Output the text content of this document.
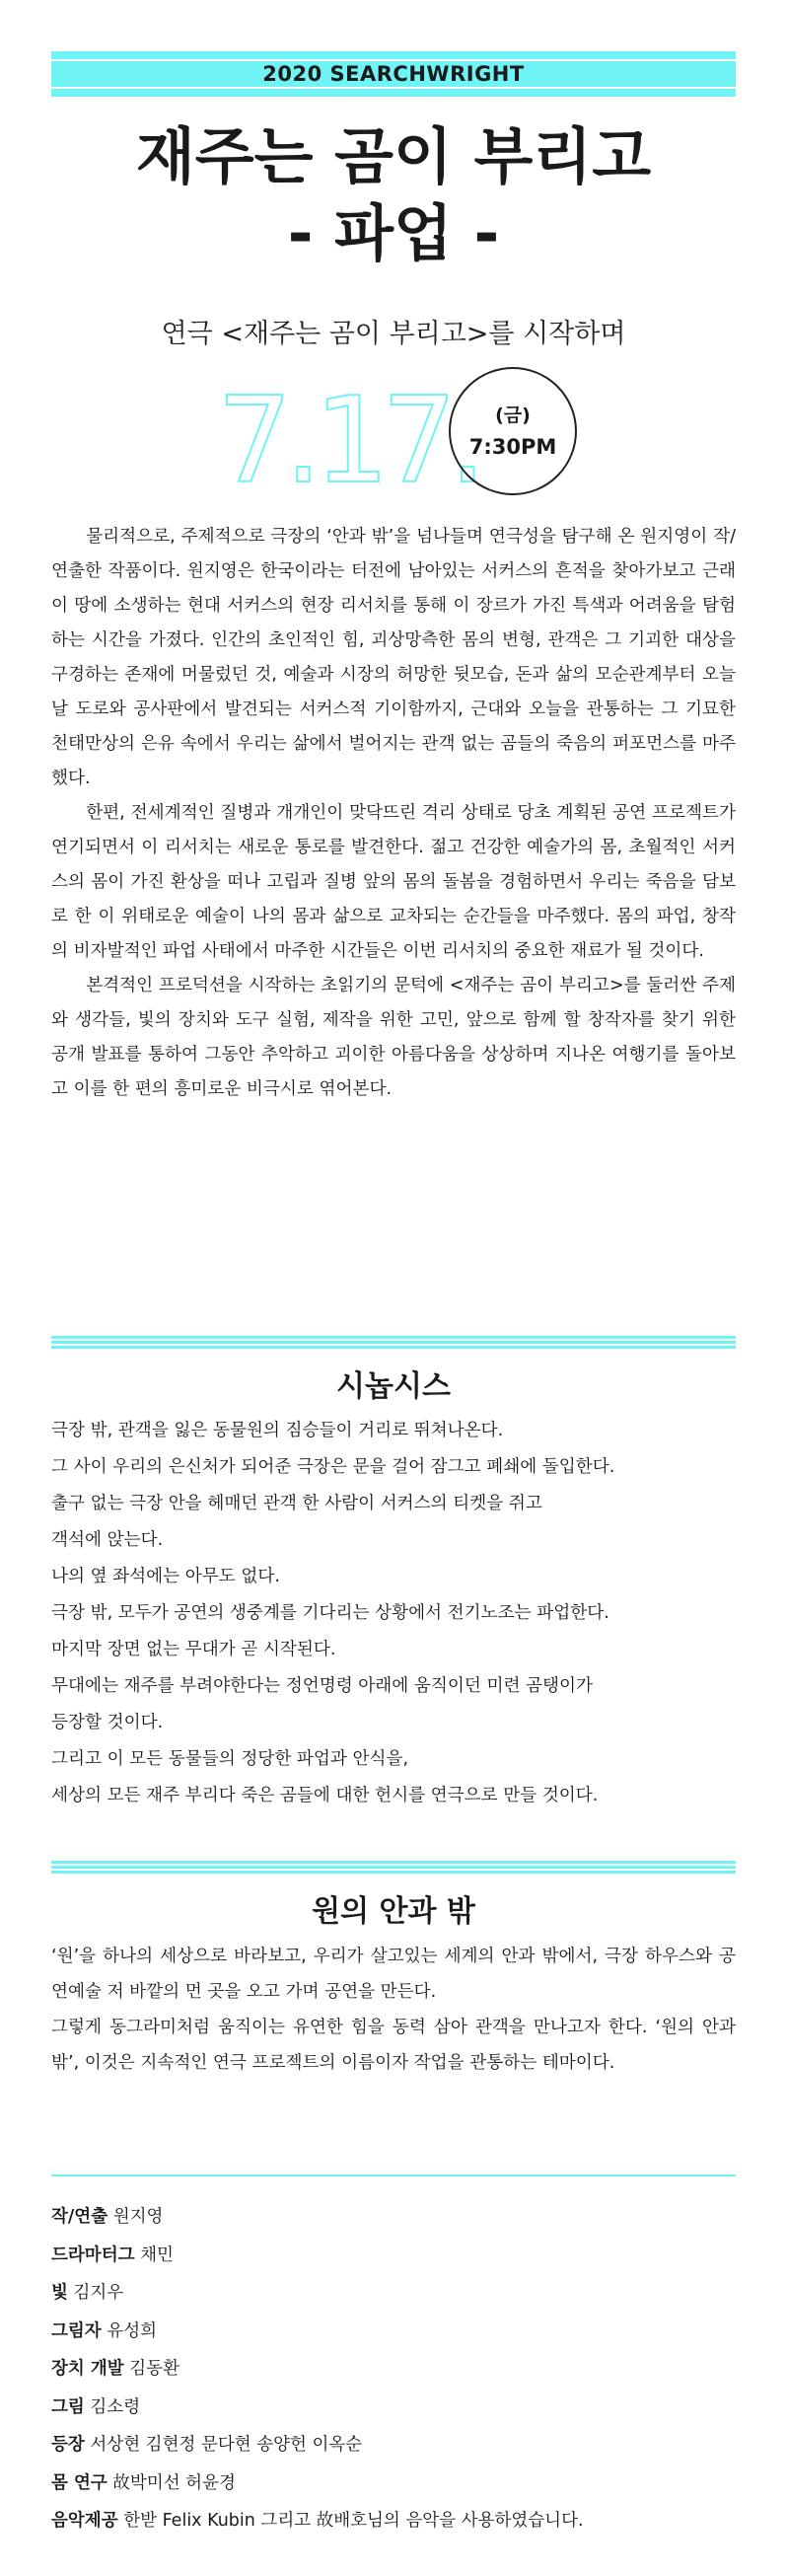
2020 SEARCHWRIGHT
재주는 곰이 부리고
- 파업 -
연극 <재주는 곰이 부리고>를 시작하며
7.17. (금)
7:30PM

물리적으로, 주제적으로 극장의 ‘안과 밖’을 넘나들며 연극성을 탐구해 온 원지영이 작/연출한 작품이다. 원지영은 한국이라는 터전에 남아있는 서커스의 흔적을 찾아가보고 근래 이 땅에 소생하는 현대 서커스의 현장 리서치를 통해 이 장르가 가진 특색과 어려움을 탐험하는 시간을 가졌다. 인간의 초인적인 힘, 괴상망측한 몸의 변형, 관객은 그 기괴한 대상을 구경하는 존재에 머물렀던 것, 예술과 시장의 허망한 뒷모습, 돈과 삶의 모순관계부터 오늘날 도로와 공사판에서 발견되는 서커스적 기이함까지, 근대와 오늘을 관통하는 그 기묘한 천태만상의 은유 속에서 우리는 삶에서 벌어지는 관객 없는 곰들의 죽음의 퍼포먼스를 마주했다.

한편, 전세계적인 질병과 개개인이 맞닥뜨린 격리 상태로 당초 계획된 공연 프로젝트가 연기되면서 이 리서치는 새로운 통로를 발견한다. 젊고 건강한 예술가의 몸, 초월적인 서커스의 몸이 가진 환상을 떠나 고립과 질병 앞의 몸의 돌봄을 경험하면서 우리는 죽음을 담보로 한 이 위태로운 예술이 나의 몸과 삶으로 교차되는 순간들을 마주했다. 몸의 파업, 창작의 비자발적인 파업 사태에서 마주한 시간들은 이번 리서치의 중요한 재료가 될 것이다.

본격적인 프로덕션을 시작하는 초읽기의 문턱에 <재주는 곰이 부리고>를 둘러싼 주제와 생각들, 빛의 장치와 도구 실험, 제작을 위한 고민, 앞으로 함께 할 창작자를 찾기 위한 공개 발표를 통하여 그동안 추악하고 괴이한 아름다움을 상상하며 지나온 여행기를 돌아보고 이를 한 편의 흥미로운 비극시로 엮어본다.

시놉시스
극장 밖, 관객을 잃은 동물원의 짐승들이 거리로 뛰쳐나온다.
그 사이 우리의 은신처가 되어준 극장은 문을 걸어 잠그고 폐쇄에 돌입한다.
출구 없는 극장 안을 헤매던 관객 한 사람이 서커스의 티켓을 쥐고
객석에 앉는다.
나의 옆 좌석에는 아무도 없다.
극장 밖, 모두가 공연의 생중계를 기다리는 상황에서 전기노조는 파업한다.
마지막 장면 없는 무대가 곧 시작된다.
무대에는 재주를 부려야한다는 정언명령 아래에 움직이던 미련 곰탱이가
등장할 것이다.
그리고 이 모든 동물들의 정당한 파업과 안식을,
세상의 모든 재주 부리다 죽은 곰들에 대한 헌시를 연극으로 만들 것이다.
원의 안과 밖

‘원’을 하나의 세상으로 바라보고, 우리가 살고있는 세계의 안과 밖에서, 극장 하우스와 공연예술 저 바깥의 먼 곳을 오고 가며 공연을 만든다.

그렇게 동그라미처럼 움직이는 유연한 힘을 동력 삼아 관객을 만나고자 한다. ‘원의 안과 밖’, 이것은 지속적인 연극 프로젝트의 이름이자 작업을 관통하는 테마이다.

작/연출 원지영
드라마터그 채민
빛 김지우
그림자 유성희
장치 개발 김동환
그림 김소령
등장 서상현 김현정 문다현 송양헌 이옥순
몸 연구 故박미선 허윤경
음악제공 한받 Felix Kubin 그리고 故배호님의 음악을 사용하였습니다.
